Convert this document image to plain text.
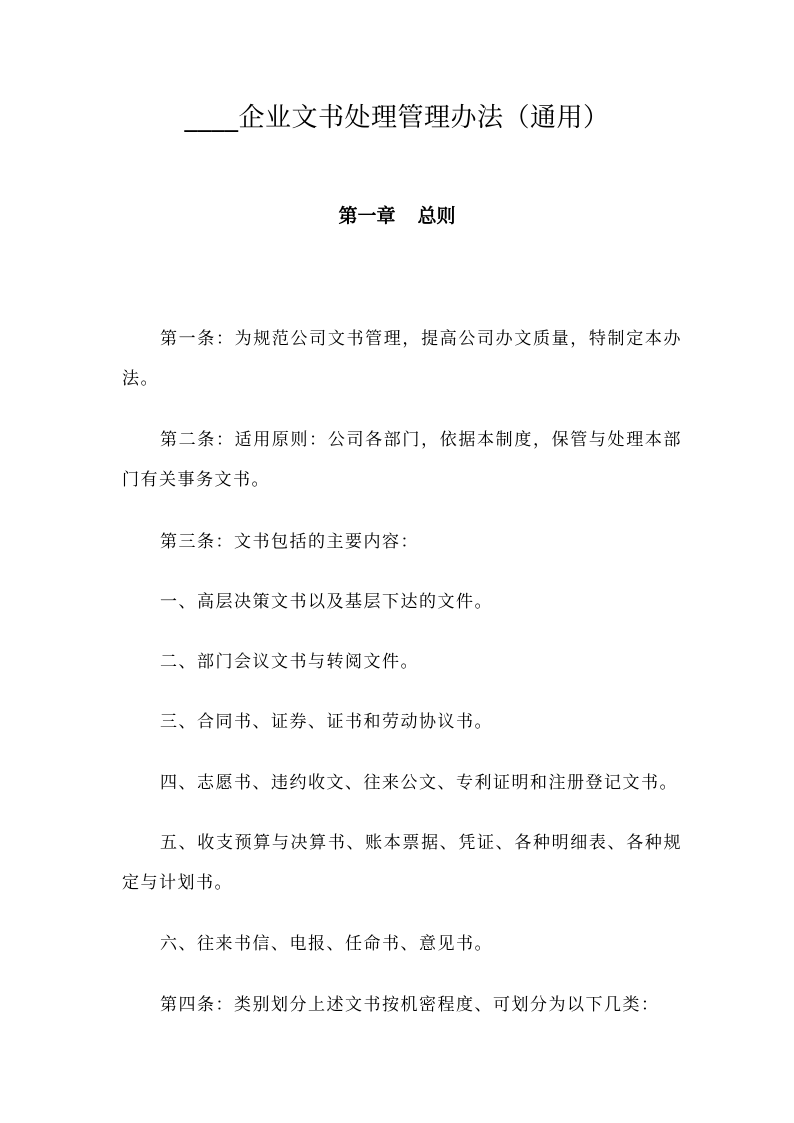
____企业文书处理管理办法（通用）
第一章 总则

第一条：为规范公司文书管理，提高公司办文质量，特制定本办法。

第二条：适用原则：公司各部门，依据本制度，保管与处理本部门有关事务文书。

第三条：文书包括的主要内容：

一、高层决策文书以及基层下达的文件。

二、部门会议文书与转阅文件。

三、合同书、证券、证书和劳动协议书。

四、志愿书、违约收文、往来公文、专利证明和注册登记文书。

五、收支预算与决算书、账本票据、凭证、各种明细表、各种规定与计划书。

六、往来书信、电报、任命书、意见书。

第四条：类别划分上述文书按机密程度、可划分为以下几类：
